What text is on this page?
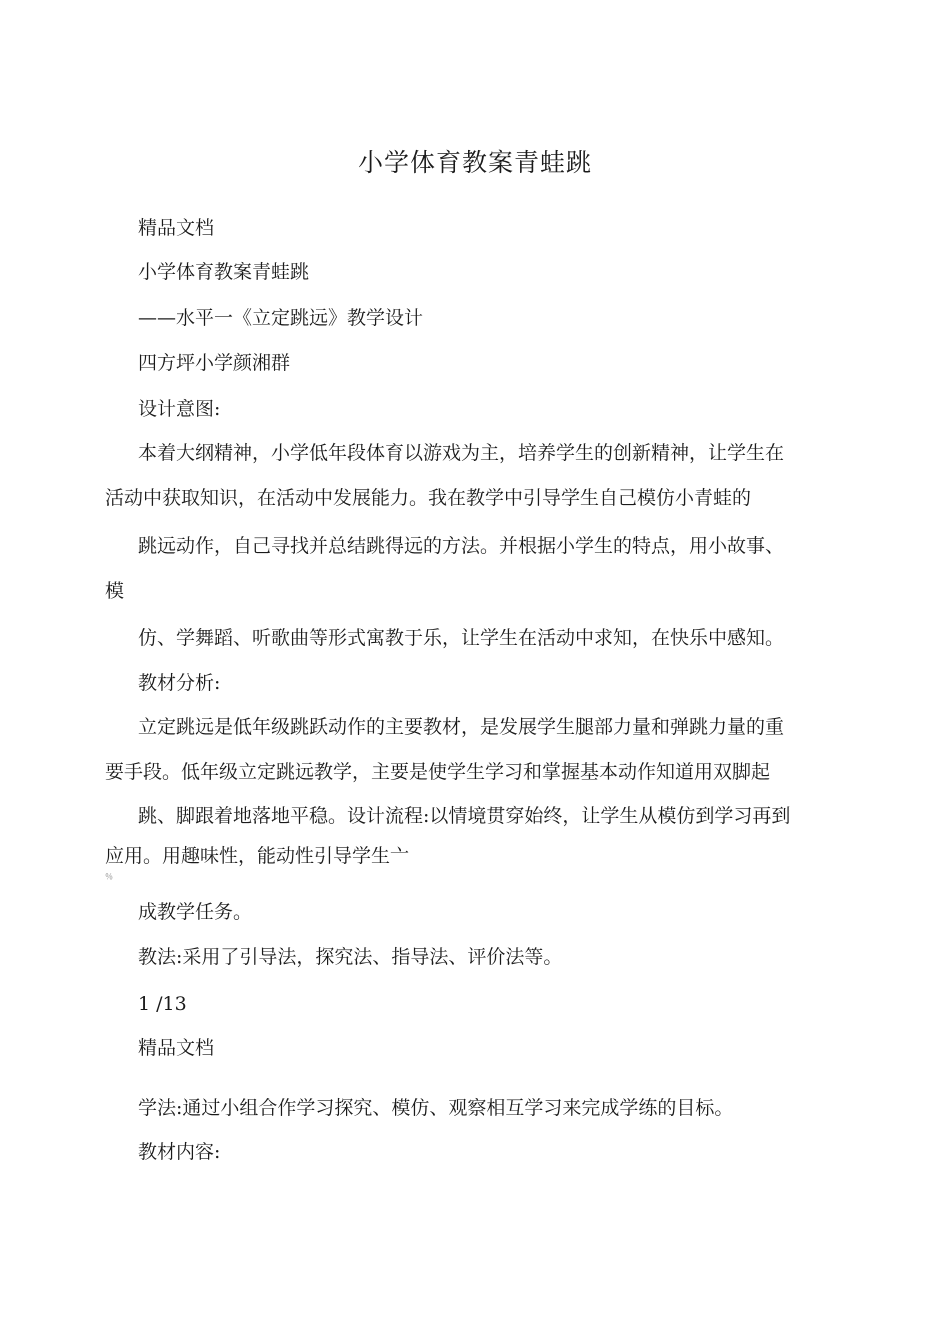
小学体育教案青蛙跳
精品文档
小学体育教案青蛙跳
——水平一《立定跳远》教学设计
四方坪小学颜湘群
设计意图:
本着大纲精神，小学低年段体育以游戏为主，培养学生的创新精神，让学生在
活动中获取知识，在活动中发展能力。我在教学中引导学生自己模仿小青蛙的
跳远动作，自己寻找并总结跳得远的方法。并根据小学生的特点，用小故事、
模
仿、学舞蹈、听歌曲等形式寓教于乐，让学生在活动中求知，在快乐中感知。
教材分析:
立定跳远是低年级跳跃动作的主要教材，是发展学生腿部力量和弹跳力量的重
要手段。低年级立定跳远教学，主要是使学生学习和掌握基本动作知道用双脚起
跳、脚跟着地落地平稳。设计流程:以情境贯穿始终，让学生从模仿到学习再到
应用。用趣味性，能动性引导学生亠
％
成教学任务。
教法:采用了引导法，探究法、指导法、评价法等。
1 /13
精品文档
学法:通过小组合作学习探究、模仿、观察相互学习来完成学练的目标。
教材内容:
